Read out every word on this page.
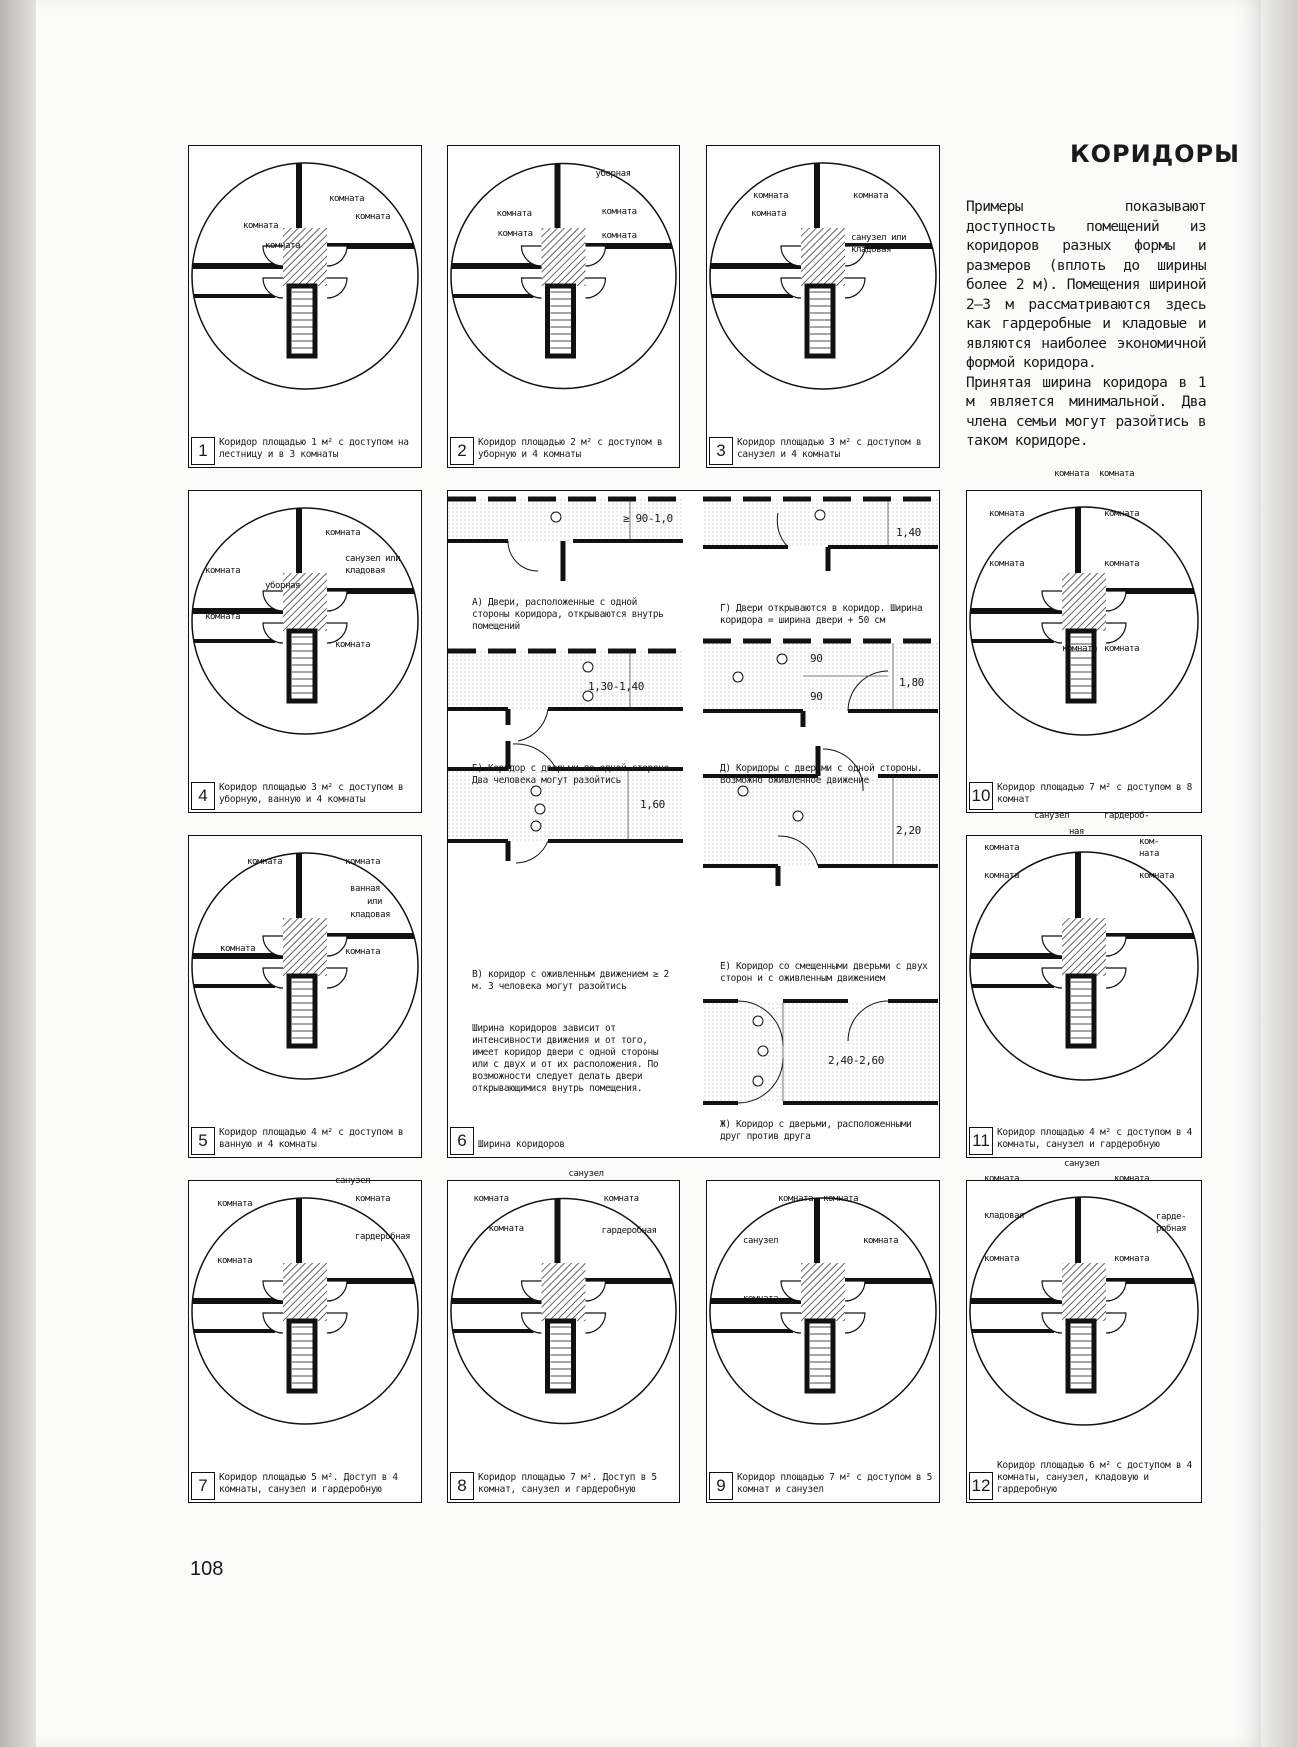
КОРИДОРЫ

Примеры показывают доступность помещений из коридоров разных формы и размеров (вплоть до ширины более 2 м). Помещения шириной 2–3 м рассматриваются здесь как гардеробные и кладовые и являются наиболее экономичной формой коридора.

Принятая ширина коридора в 1 м является минимальной. Два члена семьи могут разойтись в таком коридоре.

108
комната
комната
комната
комната
1	Коридор площадью 1 м² с доступом на лестницу и в 3 комнаты
уборная
комната	комната
комната	комната
2	Коридор площадью 2 м² с доступом в уборную и 4 комнаты
комната	комната
комната
санузел или
кладовая
3	Коридор площадью 3 м² с доступом в санузел и 4 комнаты
комната
комната
санузел или
кладовая
уборная
комната
комната
4	Коридор площадью 3 м² с доступом в уборную, ванную и 4 комнаты
комната	комната
ванная
или
кладовая
комната	комната
5	Коридор площадью 4 м² с доступом в ванную и 4 комнаты
санузел
комната	комната
гардеробная
комната
7	Коридор площадью 5 м². Доступ в 4 комнаты, санузел и гардеробную
санузел
комната
комната
комната
гардеробная
8	Коридор площадью 7 м². Доступ в 5 комнат, санузел и гардеробную
комната комната
санузел	комната
комната
9	Коридор площадью 7 м² с доступом в 5 комнат и санузел
комната комната
комната	комната
комната	комната
комната комната
10 Коридор площадью 7 м² с доступом в 8 комнат
санузел	гардероб-
ная
ком-
ната
комната
комната	комната
11 Коридор площадью 4 м² с доступом в 4 комнаты, санузел и гардеробную
санузел
комната	комната
кладовая	гарде-
робная
комната	комната
12
Коридор площадью 6 м² с доступом в 4 комнаты, санузел, кладовую и гардеробную
≥ 90-1,0
А) Двери, расположенные с одной стороны коридора, открываются внутрь помещений
1,30-1,40
Б) Коридор с дверьми по одной стороне. Два человека могут разойтись
1,60
В) коридор с оживленным движением ≥ 2 м. 3 человека могут разойтись
Ширина коридоров зависит от интенсивности движения и от того, имеет коридор двери с одной стороны или с двух и от их расположения. По возможности следует делать двери открывающимися внутрь помещения.
1,40
Г) Двери открываются в коридор. Ширина коридора = ширина двери + 50 см
90
90
1,80
Д) Коридоры с дверьми с одной стороны. Возможно оживленное движение
2,20
Е) Коридор со смещенными дверьми с двух сторон и с оживленным движением
2,40-2,60
Ж) Коридор с дверьми, расположенными друг против друга
6	Ширина коридоров
